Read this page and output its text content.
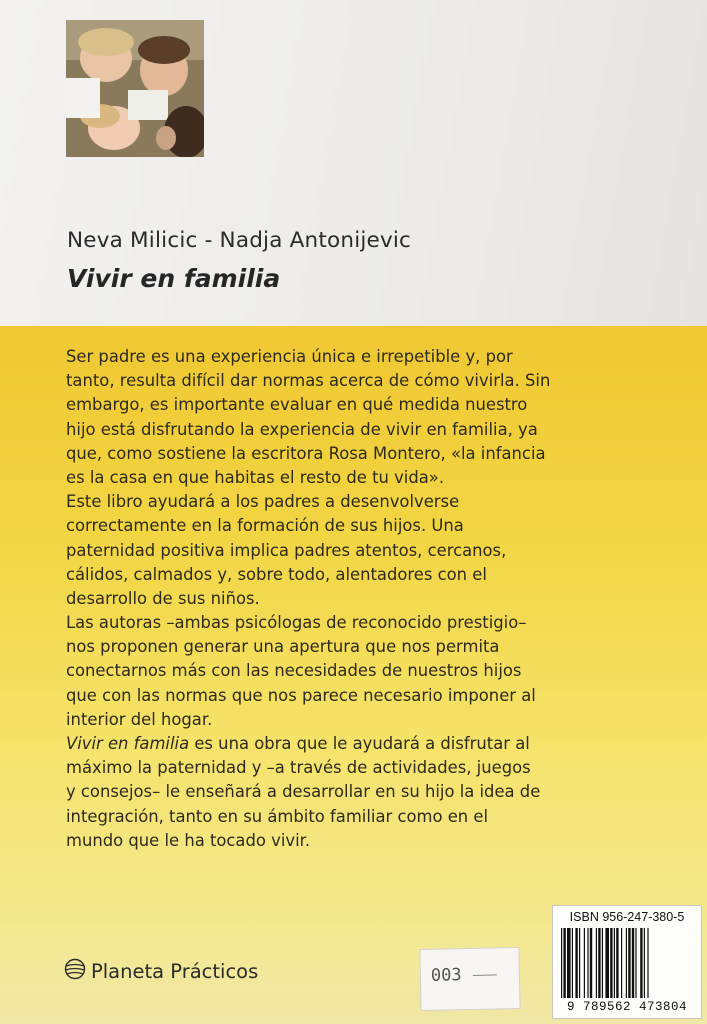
Neva Milicic - Nadja Antonijevic
Vivir en familia
Ser padre es una experiencia única e irrepetible y, por
tanto, resulta difícil dar normas acerca de cómo vivirla. Sin
embargo, es importante evaluar en qué medida nuestro
hijo está disfrutando la experiencia de vivir en familia, ya
que, como sostiene la escritora Rosa Montero, «la infancia
es la casa en que habitas el resto de tu vida».
Este libro ayudará a los padres a desenvolverse
correctamente en la formación de sus hijos. Una
paternidad positiva implica padres atentos, cercanos,
cálidos, calmados y, sobre todo, alentadores con el
desarrollo de sus niños.
Las autoras –ambas psicólogas de reconocido prestigio–
nos proponen generar una apertura que nos permita
conectarnos más con las necesidades de nuestros hijos
que con las normas que nos parece necesario imponer al
interior del hogar.
Vivir en familia es una obra que le ayudará a disfrutar al
máximo la paternidad y –a través de actividades, juegos
y consejos– le enseñará a desarrollar en su hijo la idea de
integración, tanto en su ámbito familiar como en el
mundo que le ha tocado vivir.
Planeta Prácticos	003
ISBN 956-247-380-5
9 789562 473804
